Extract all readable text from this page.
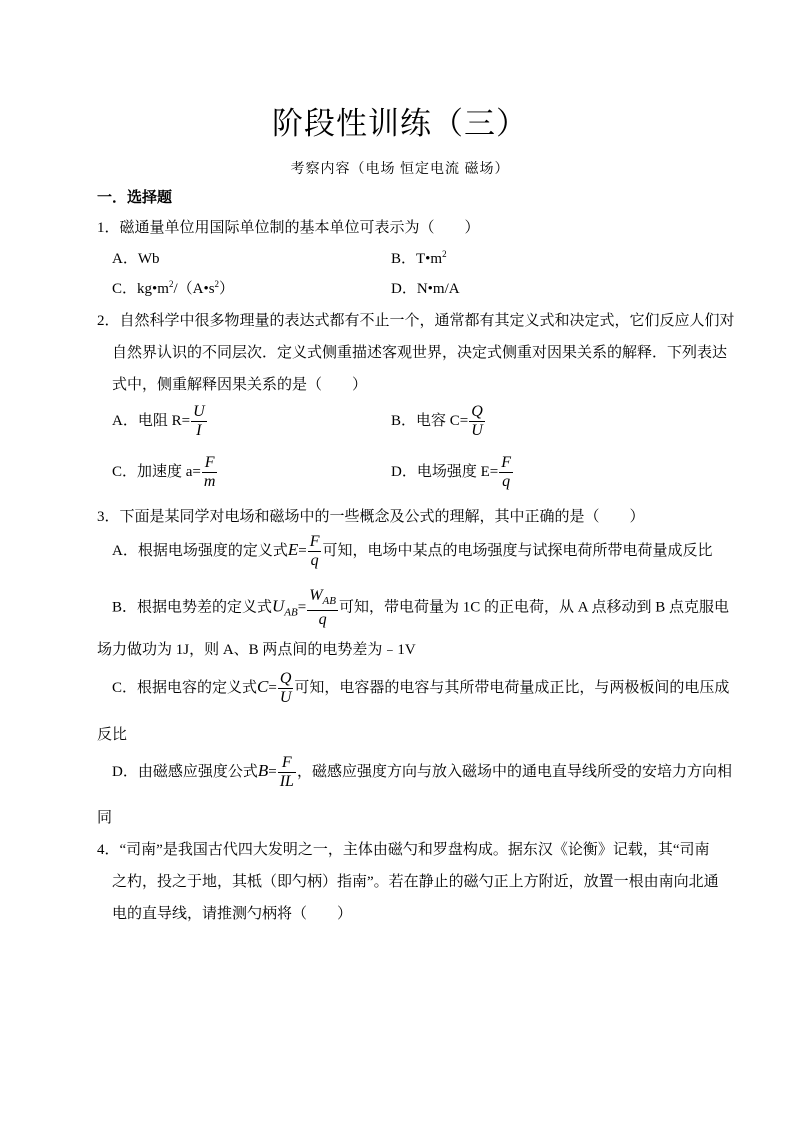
阶段性训练（三）
考察内容（电场 恒定电流 磁场）
一．选择题
1．磁通量单位用国际单位制的基本单位可表示为（　　）
A．Wb	B．$T•m^2$
C．$kg•m^2/(A•s^2)$	D．N•m/A
2．自然科学中很多物理量的表达式都有不止一个，通常都有其定义式和决定式，它们反应人们对
自然界认识的不同层次．定义式侧重描述客观世界，决定式侧重对因果关系的解释．下列表达
式中，侧重解释因果关系的是（　　）
A．电阻 $R= \frac{U}{I}$	B．电容 $C= \frac{Q}{U}$
C．加速度 $a= \frac{F}{m}$	D．电场强度 $E= \frac{F}{q}$
3．下面是某同学对电场和磁场中的一些概念及公式的理解，其中正确的是（　　）
A．根据电场强度的定义式$E= \frac{F}{q}$ 可知，电场中某点的电场强度与试探电荷所带电荷量成反比
B．根据电势差的定义式$U_{AB}= \frac{W_{AB}}{q}$ 可知，带电荷量为 1C 的正电荷，从 A 点移动到 B 点克服电
场力做功为 1J，则 A、B 两点间的电势差为﹣1V
C．根据电容的定义式$C= \frac{Q}{U}$ 可知，电容器的电容与其所带电荷量成正比，与两极板间的电压成
反比
D．由磁感应强度公式$B= \frac{F}{IL}$ ，磁感应强度方向与放入磁场中的通电直导线所受的安培力方向相
同
4．“司南”是我国古代四大发明之一，主体由磁勺和罗盘构成。据东汉《论衡》记载，其“司南
之杓，投之于地，其柢（即勺柄）指南”。若在静止的磁勺正上方附近，放置一根由南向北通
电的直导线，请推测勺柄将（　　）
